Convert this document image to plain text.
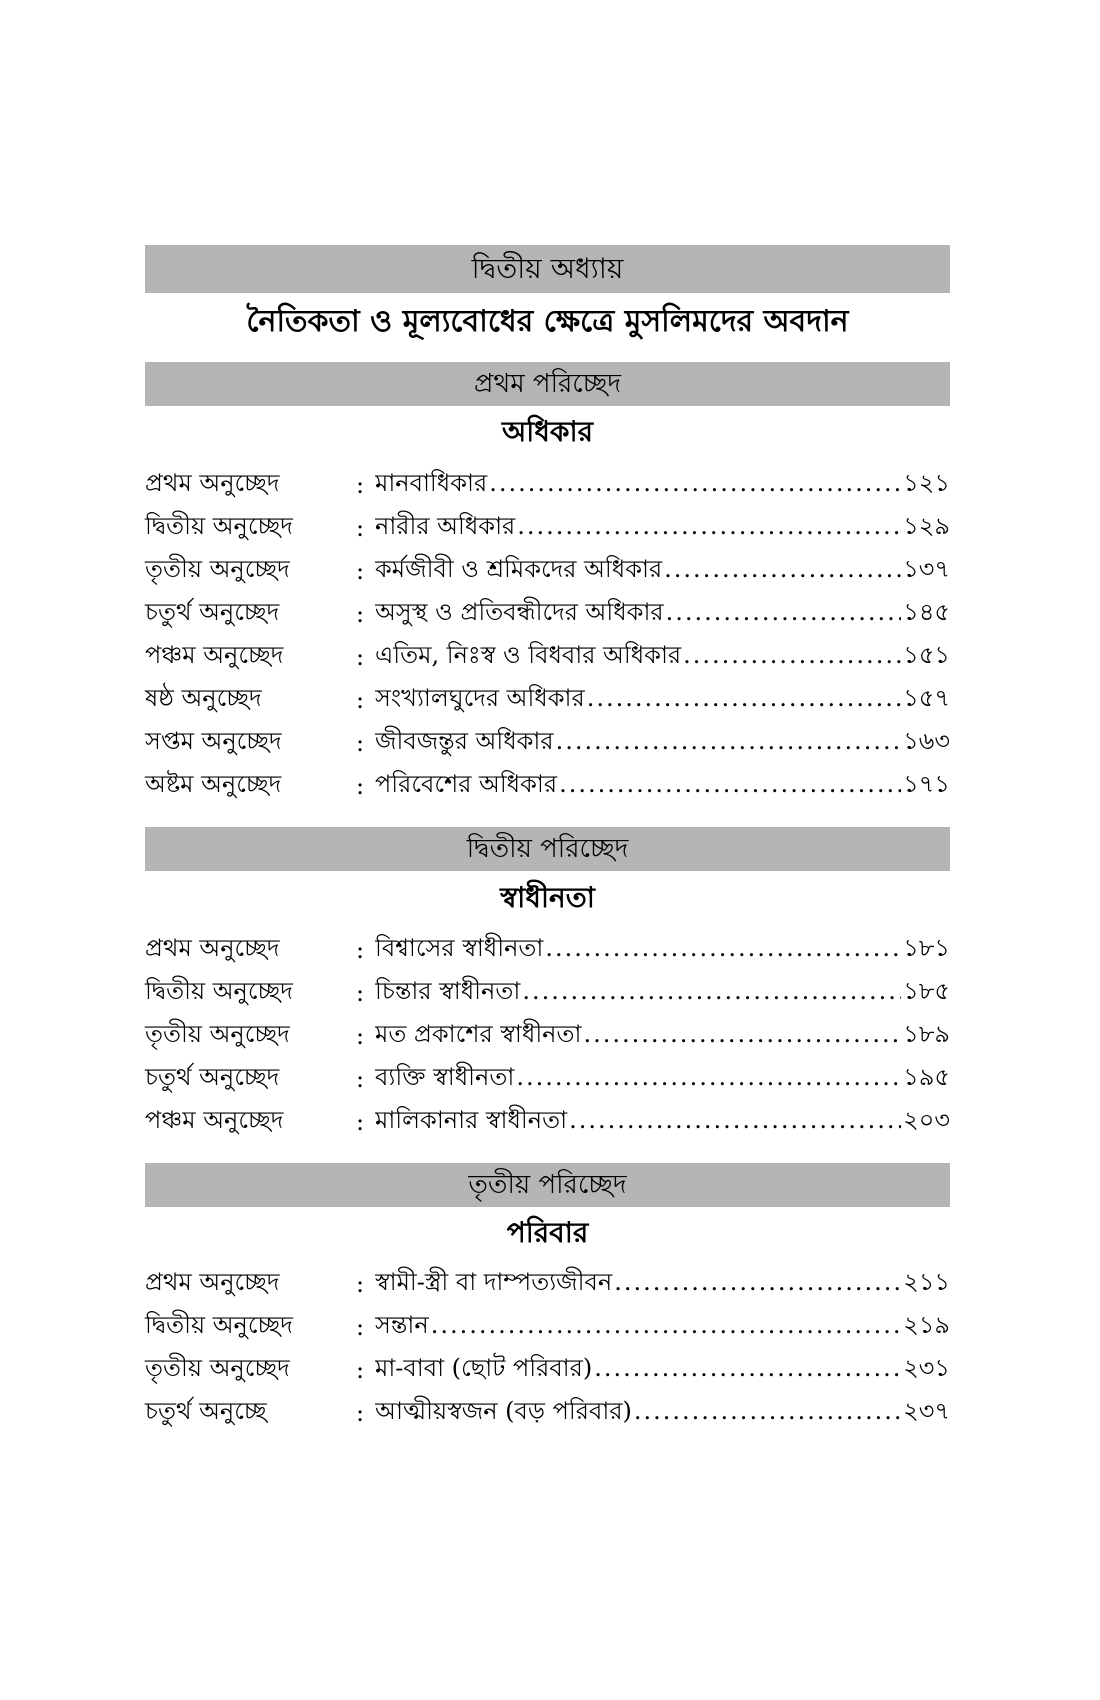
দ্বিতীয় অধ্যায়
নৈতিকতা ও মূল্যবোধের ক্ষেত্রে মুসলিমদের অবদান
প্রথম পরিচ্ছেদ
অধিকার
প্রথম অনুচ্ছেদ	: মানবাধিকার .....	১২১
দ্বিতীয় অনুচ্ছেদ	: নারীর অধিকার .....	১২৯
তৃতীয় অনুচ্ছেদ	: কর্মজীবী ও শ্রমিকদের অধিকার .....	১৩৭
চতুর্থ অনুচ্ছেদ	: অসুস্থ ও প্রতিবন্ধীদের অধিকার .....	১৪৫
পঞ্চম অনুচ্ছেদ	: এতিম, নিঃস্ব ও বিধবার অধিকার .....	১৫১
ষষ্ঠ অনুচ্ছেদ	: সংখ্যালঘুদের অধিকার .....	১৫৭
সপ্তম অনুচ্ছেদ	: জীবজন্তুর অধিকার .....	১৬৩
অষ্টম অনুচ্ছেদ	: পরিবেশের অধিকার .....	১৭১
দ্বিতীয় পরিচ্ছেদ
স্বাধীনতা
প্রথম অনুচ্ছেদ	: বিশ্বাসের স্বাধীনতা .....	১৮১
দ্বিতীয় অনুচ্ছেদ	: চিন্তার স্বাধীনতা .....	১৮৫
তৃতীয় অনুচ্ছেদ	: মত প্রকাশের স্বাধীনতা .....	১৮৯
চতুর্থ অনুচ্ছেদ	: ব্যক্তি স্বাধীনতা .....	১৯৫
পঞ্চম অনুচ্ছেদ	: মালিকানার স্বাধীনতা .....	২০৩
তৃতীয় পরিচ্ছেদ
পরিবার
প্রথম অনুচ্ছেদ	: স্বামী-স্ত্রী বা দাম্পত্যজীবন .....	২১১
দ্বিতীয় অনুচ্ছেদ	: সন্তান .....	২১৯
তৃতীয় অনুচ্ছেদ	: মা-বাবা (ছোট পরিবার) .....	২৩১
চতুর্থ অনুচ্ছে	: আত্মীয়স্বজন (বড় পরিবার) .....	২৩৭
